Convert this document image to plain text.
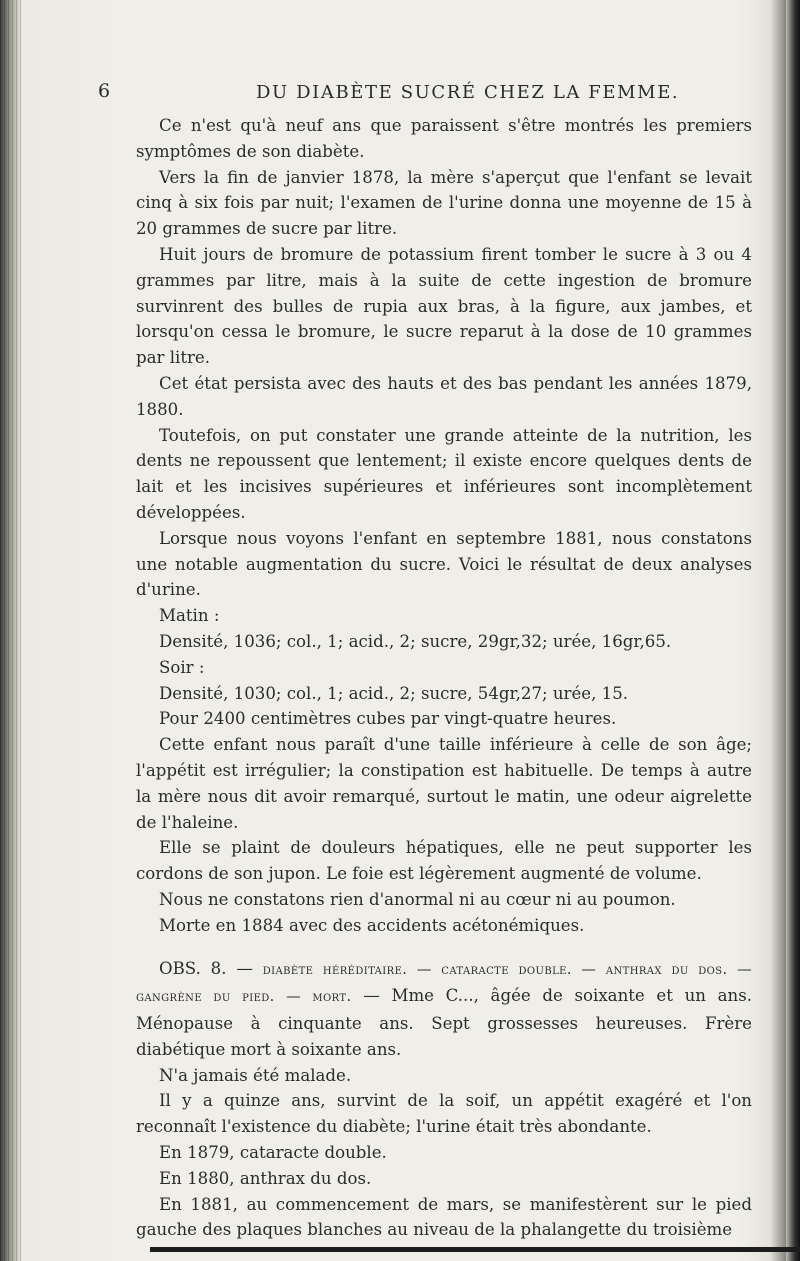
6	DU DIABÈTE SUCRÉ CHEZ LA FEMME.

Ce n'est qu'à neuf ans que paraissent s'être montrés les premiers symptômes de son diabète.

Vers la fin de janvier 1878, la mère s'aperçut que l'enfant se levait cinq à six fois par nuit; l'examen de l'urine donna une moyenne de 15 à 20 grammes de sucre par litre.

Huit jours de bromure de potassium firent tomber le sucre à 3 ou 4 grammes par litre, mais à la suite de cette ingestion de bromure survinrent des bulles de rupia aux bras, à la figure, aux jambes, et lorsqu'on cessa le bromure, le sucre reparut à la dose de 10 grammes par litre.

Cet état persista avec des hauts et des bas pendant les années 1879, 1880.

Toutefois, on put constater une grande atteinte de la nutrition, les dents ne repoussent que lentement; il existe encore quelques dents de lait et les incisives supérieures et inférieures sont incomplètement développées.

Lorsque nous voyons l'enfant en septembre 1881, nous constatons une notable augmentation du sucre. Voici le résultat de deux analyses d'urine.

Matin :

Densité, 1036; col., 1; acid., 2; sucre, 29gr,32; urée, 16gr,65.

Soir :

Densité, 1030; col., 1; acid., 2; sucre, 54gr,27; urée, 15.

Pour 2400 centimètres cubes par vingt-quatre heures.

Cette enfant nous paraît d'une taille inférieure à celle de son âge; l'appétit est irrégulier; la constipation est habituelle. De temps à autre la mère nous dit avoir remarqué, surtout le matin, une odeur aigrelette de l'haleine.

Elle se plaint de douleurs hépatiques, elle ne peut supporter les cordons de son jupon. Le foie est légèrement augmenté de volume.

Nous ne constatons rien d'anormal ni au cœur ni au poumon.

Morte en 1884 avec des accidents acétonémiques.

OBS. 8. — diabète héréditaire. — cataracte double. — anthrax du dos. — gangrène du pied. — mort. — Mme C..., âgée de soixante et un ans. Ménopause à cinquante ans. Sept grossesses heureuses. Frère diabétique mort à soixante ans.

N'a jamais été malade.

Il y a quinze ans, survint de la soif, un appétit exagéré et l'on reconnaît l'existence du diabète; l'urine était très abondante.

En 1879, cataracte double.

En 1880, anthrax du dos.

En 1881, au commencement de mars, se manifestèrent sur le pied gauche des plaques blanches au niveau de la phalangette du troisième
